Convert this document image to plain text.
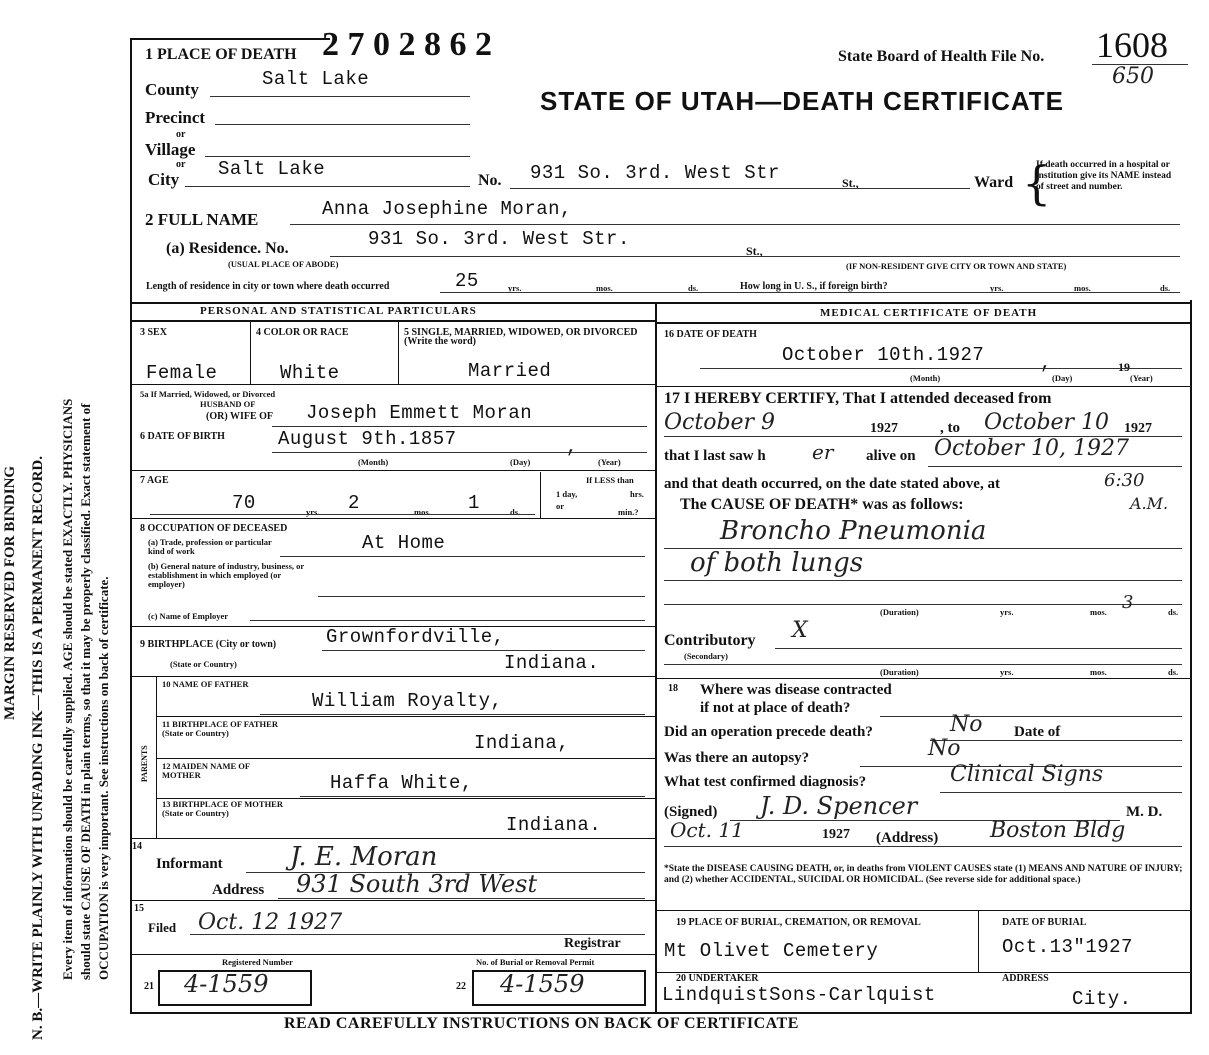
MARGIN RESERVED FOR BINDING N. B.—WRITE PLAINLY WITH UNFADING INK—THIS IS A PERMANENT RECORD. Every item of information should be carefully supplied. AGE should be stated EXACTLY. PHYSICIANS should state CAUSE OF DEATH in plain terms, so that it may be properly classified. Exact statement of OCCUPATION is very important. See instructions on back of certificate.
1 PLACE OF DEATH 2 7 0 2 8 6 2	State Board of Health File No. 1608
650
STATE OF UTAH—DEATH CERTIFICATE
County	Salt Lake
Precinct
or
Village
or
City Salt Lake
No. 931 So. 3rd. West Str	St.,	Ward {
If death occurred in a hospital or institution give its NAME instead of street and number.
2 FULL NAME	Anna Josephine Moran,
(a) Residence. No.	931 So. 3rd. West Str.
St.,
(USUAL PLACE OF ABODE)	(IF NON-RESIDENT GIVE CITY OR TOWN AND STATE)
Length of residence in city or town where death occurred	25	yrs.	mos.	ds.	How long in U. S., if foreign birth?	yrs.	mos.	ds.
PERSONAL AND STATISTICAL PARTICULARS
3 SEX	4 COLOR OR RACE	5 SINGLE, MARRIED, WIDOWED, OR DIVORCED (Write the word)
Female	White	Married
5a If Married, Widowed, or Divorced
HUSBAND OF
(OR) WIFE OF Joseph Emmett Moran
6 DATE OF BIRTH	August 9th.1857	,
(Month)	(Day)	(Year)
7 AGE
70	yrs. 2	mos. 1	ds.
If LESS than
1 day,	hrs.
or
min.?
8 OCCUPATION OF DECEASED
(a) Trade, profession or particular kind of work	At Home
(b) General nature of industry, business, or establishment in which employed (or employer)
(c) Name of Employer
9 BIRTHPLACE (City or town)	Grownfordville,
(State or Country)	Indiana.
PARENTS
10 NAME OF FATHER
William Royalty,
11 BIRTHPLACE OF FATHER (State or Country)	Indiana,
12 MAIDEN NAME OF MOTHER	Haffa White,
13 BIRTHPLACE OF MOTHER (State or Country)
Indiana.
14
Informant	J. E. Moran
Address 931 South 3rd West
15
Filed Oct. 12 1927
Registrar
Registered Number
21 4-1559	22
No. of Burial or Removal Permit
4-1559
MEDICAL CERTIFICATE OF DEATH
16 DATE OF DEATH
October 10th.1927	,	19
(Month)	(Day)	(Year)
17 I HEREBY CERTIFY, That I attended deceased from
October 9	1927	, to October 10 1927
that I last saw h er alive on October 10, 1927
and that death occurred, on the date stated above, at	6:30
A.M.
The CAUSE OF DEATH* was as follows:
Broncho Pneumonia
of both lungs
(Duration)	yrs.	mos. 3	ds.
Contributory X
(Secondary)
(Duration)	yrs.	mos.	ds.
18 Where was disease contracted
if not at place of death?
Did an operation precede death?	No Date of
Was there an autopsy?	No
What test confirmed diagnosis?	Clinical Signs
(Signed) J. D. Spencer	M. D.
Oct. 11	1927 (Address) Boston Bldg
*State the DISEASE CAUSING DEATH, or, in deaths from VIOLENT CAUSES state (1) MEANS AND NATURE OF INJURY; and (2) whether ACCIDENTAL, SUICIDAL OR HOMICIDAL. (See reverse side for additional space.)
19 PLACE OF BURIAL, CREMATION, OR REMOVAL	DATE OF BURIAL
Mt Olivet Cemetery	Oct.13"1927
20 UNDERTAKER	ADDRESS
LindquistSons-Carlquist	City.
READ CAREFULLY INSTRUCTIONS ON BACK OF CERTIFICATE
